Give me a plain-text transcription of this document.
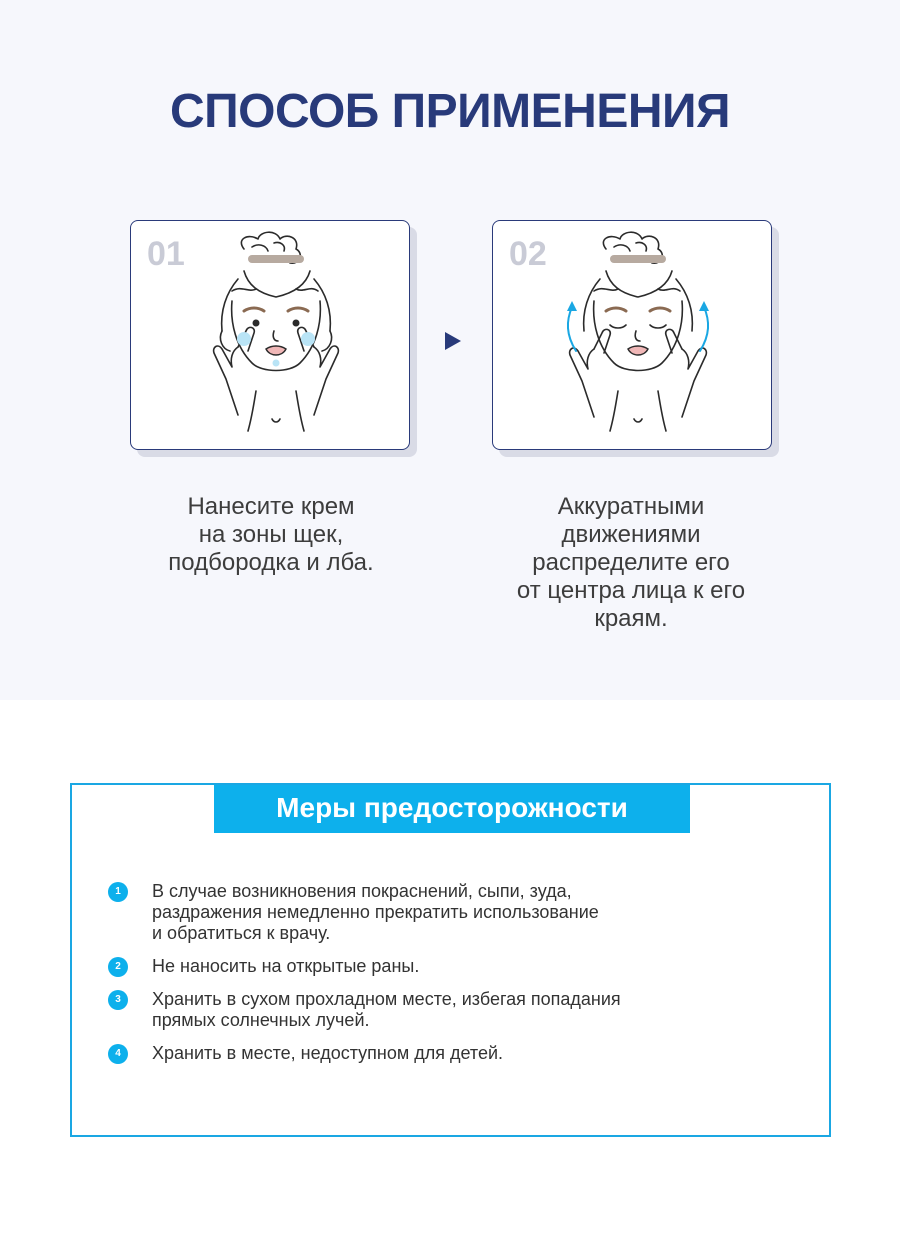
СПОСОБ ПРИМЕНЕНИЯ
01	02

Нанесите крем
на зоны щек,
подбородка и лба.

Аккуратными
движениями
распределите его
от центра лица к его
краям.

Меры предосторожности
1	В случае возникновения покраснений, сыпи, зуда,
раздражения немедленно прекратить использование
и обратиться к врачу.
2	Не наносить на открытые раны.
3	Хранить в сухом прохладном месте, избегая попадания
прямых солнечных лучей.
4	Хранить в месте, недоступном для детей.
